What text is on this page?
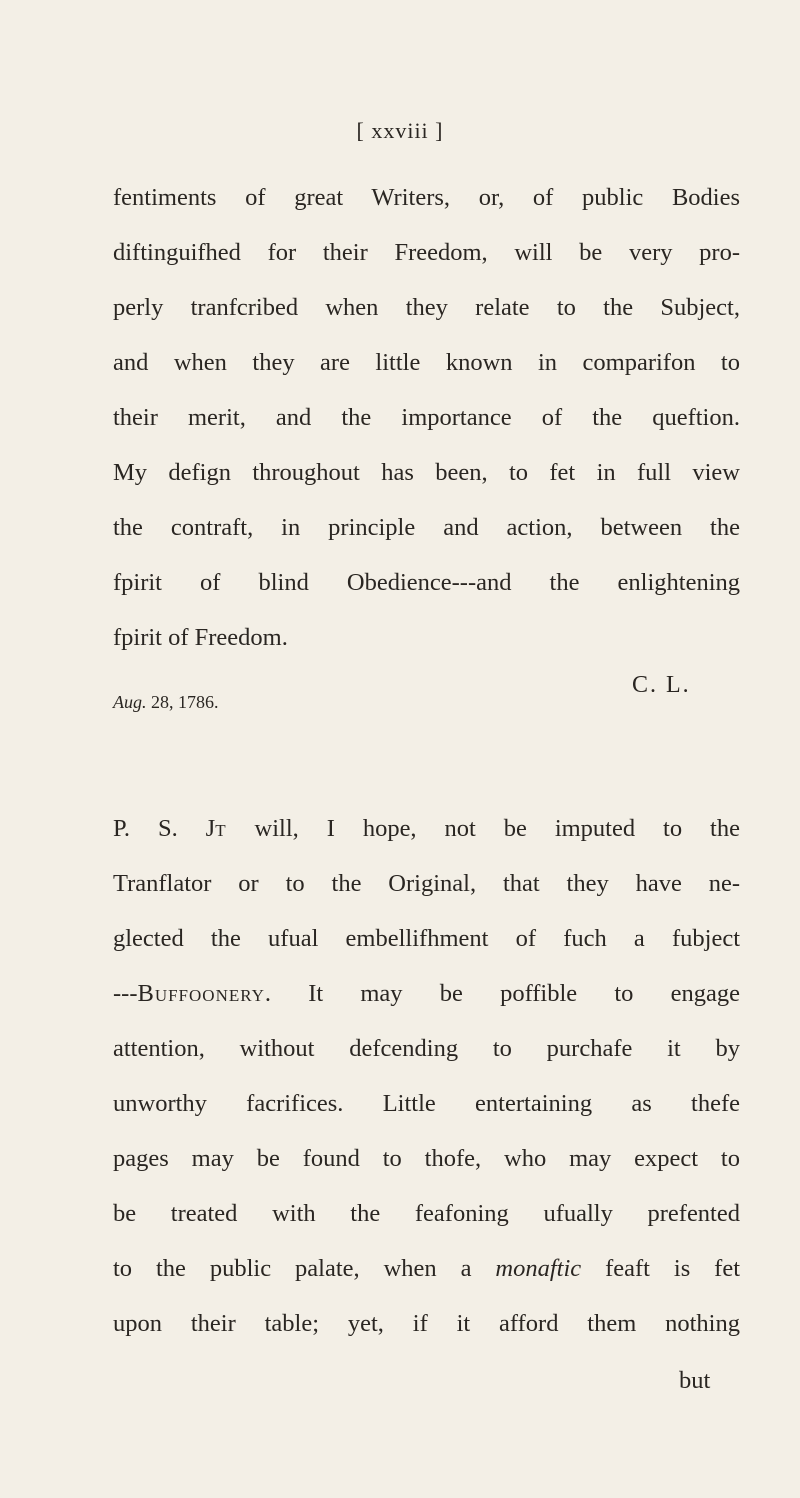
[ xxviii ]
fentiments of great Writers, or, of public Bodies
diftinguifhed for their Freedom, will be very pro-
perly tranfcribed when they relate to the Subject,
and when they are little known in comparifon to
their merit, and the importance of the queftion.
My defign throughout has been, to fet in full view
the contraft, in principle and action, between the
fpirit of blind Obedience---and the enlightening
fpirit of Freedom.
C. L.
Aug. 28, 1786.
P. S. Jt will, I hope, not be imputed to the
Tranflator or to the Original, that they have ne-
glected the ufual embellifhment of fuch a fubject
---Buffoonery. It may be poffible to engage
attention, without defcending to purchafe it by
unworthy facrifices. Little entertaining as thefe
pages may be found to thofe, who may expect to
be treated with the feafoning ufually prefented
to the public palate, when a monaftic feaft is fet
upon their table; yet, if it afford them nothing
but
